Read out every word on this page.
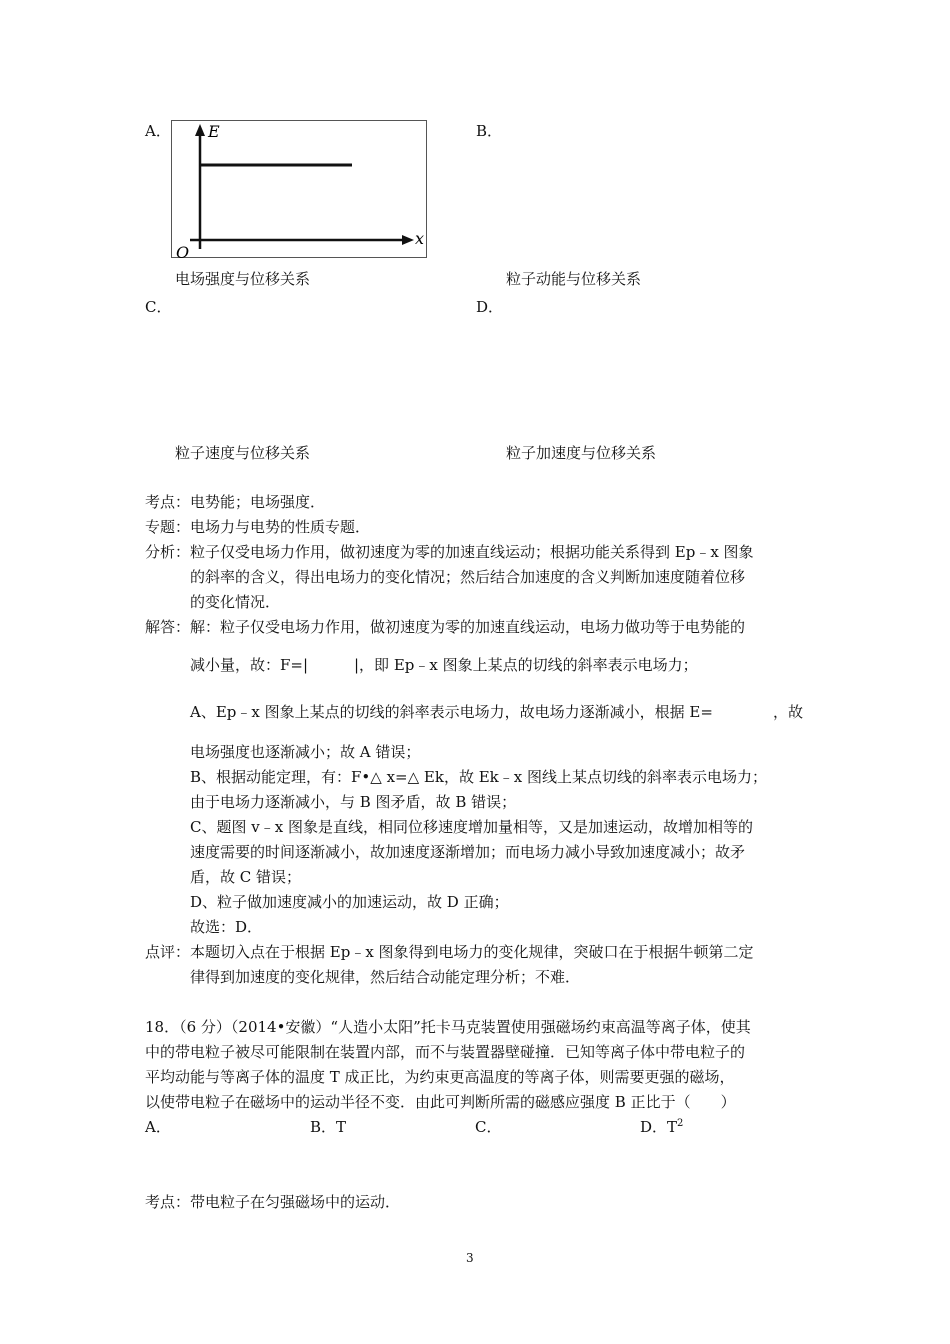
A．	B．
E
x
O
电场强度与位移关系	粒子动能与位移关系
C．	D．
粒子速度与位移关系	粒子加速度与位移关系
考点：电势能；电场强度．
专题：电场力与电势的性质专题．
分析：粒子仅受电场力作用，做初速度为零的加速直线运动；根据功能关系得到 Ep﹣x 图象
的斜率的含义，得出电场力的变化情况；然后结合加速度的含义判断加速度随着位移
的变化情况．
解答：解：粒子仅受电场力作用，做初速度为零的加速直线运动，电场力做功等于电势能的
减小量，故：F=|	|，即 Ep﹣x 图象上某点的切线的斜率表示电场力；
A、Ep﹣x 图象上某点的切线的斜率表示电场力，故电场力逐渐减小，根据 E=	，故
电场强度也逐渐减小；故 A 错误；
B、根据动能定理，有：F•△ x=△ Ek，故 Ek﹣x 图线上某点切线的斜率表示电场力；
由于电场力逐渐减小，与 B 图矛盾，故 B 错误；
C、题图 v﹣x 图象是直线，相同位移速度增加量相等，又是加速运动，故增加相等的
速度需要的时间逐渐减小，故加速度逐渐增加；而电场力减小导致加速度减小；故矛
盾，故 C 错误；
D、粒子做加速度减小的加速运动，故 D 正确；
故选：D．
点评：本题切入点在于根据 Ep﹣x 图象得到电场力的变化规律，突破口在于根据牛顿第二定
律得到加速度的变化规律，然后结合动能定理分析；不难．
18．（6 分）（2014•安徽）“人造小太阳”托卡马克装置使用强磁场约束高温等离子体，使其
中的带电粒子被尽可能限制在装置内部，而不与装置器壁碰撞．已知等离子体中带电粒子的
平均动能与等离子体的温度 T 成正比，为约束更高温度的等离子体，则需要更强的磁场，
以使带电粒子在磁场中的运动半径不变．由此可判断所需的磁感应强度 B 正比于（　　）
A．	B．T	C．	D．$T^2$
考点：带电粒子在匀强磁场中的运动．
3
